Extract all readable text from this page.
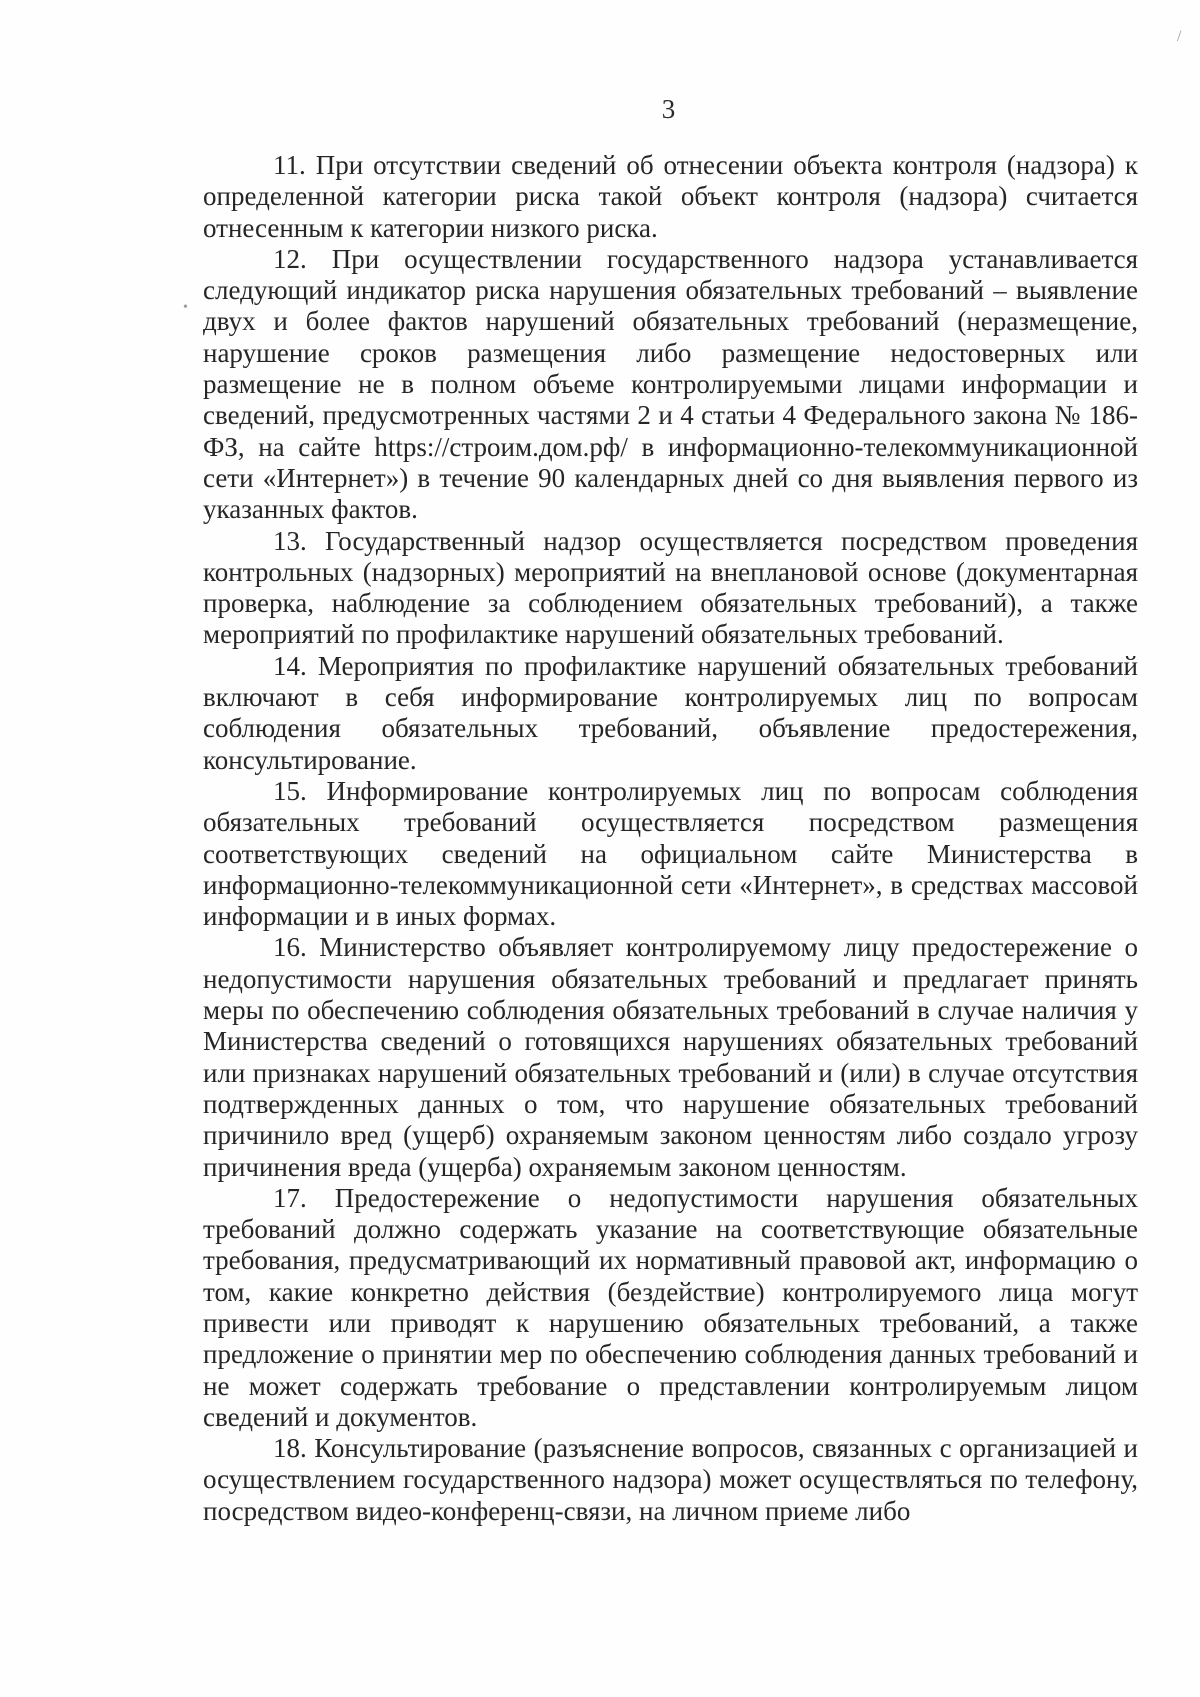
/
•
3

11. При отсутствии сведений об отнесении объекта контроля (надзора) к определенной категории риска такой объект контроля (надзора) считается отнесенным к категории низкого риска.

12. При осуществлении государственного надзора устанавливается следующий индикатор риска нарушения обязательных требований – выявление двух и более фактов нарушений обязательных требований (неразмещение, нарушение сроков размещения либо размещение недостоверных или размещение не в полном объеме контролируемыми лицами информации и сведений, предусмотренных частями 2 и 4 статьи 4 Федерального закона № 186-ФЗ, на сайте https://строим.дом.рф/ в информационно-телекоммуникационной сети «Интернет») в течение 90 календарных дней со дня выявления первого из указанных фактов.

13. Государственный надзор осуществляется посредством проведения контрольных (надзорных) мероприятий на внеплановой основе (документарная проверка, наблюдение за соблюдением обязательных требований), а также мероприятий по профилактике нарушений обязательных требований.

14. Мероприятия по профилактике нарушений обязательных требований включают в себя информирование контролируемых лиц по вопросам соблюдения обязательных требований, объявление предостережения, консультирование.

15. Информирование контролируемых лиц по вопросам соблюдения обязательных требований осуществляется посредством размещения соответствующих сведений на официальном сайте Министерства в информационно-телекоммуникационной сети «Интернет», в средствах массовой информации и в иных формах.

16. Министерство объявляет контролируемому лицу предостережение о недопустимости нарушения обязательных требований и предлагает принять меры по обеспечению соблюдения обязательных требований в случае наличия у Министерства сведений о готовящихся нарушениях обязательных требований или признаках нарушений обязательных требований и (или) в случае отсутствия подтвержденных данных о том, что нарушение обязательных требований причинило вред (ущерб) охраняемым законом ценностям либо создало угрозу причинения вреда (ущерба) охраняемым законом ценностям.

17. Предостережение о недопустимости нарушения обязательных требований должно содержать указание на соответствующие обязательные требования, предусматривающий их нормативный правовой акт, информацию о том, какие конкретно действия (бездействие) контролируемого лица могут привести или приводят к нарушению обязательных требований, а также предложение о принятии мер по обеспечению соблюдения данных требований и не может содержать требование о представлении контролируемым лицом сведений и документов.

18. Консультирование (разъяснение вопросов, связанных с организацией и осуществлением государственного надзора) может осуществляться по телефону, посредством видео-конференц-связи, на личном приеме либо
